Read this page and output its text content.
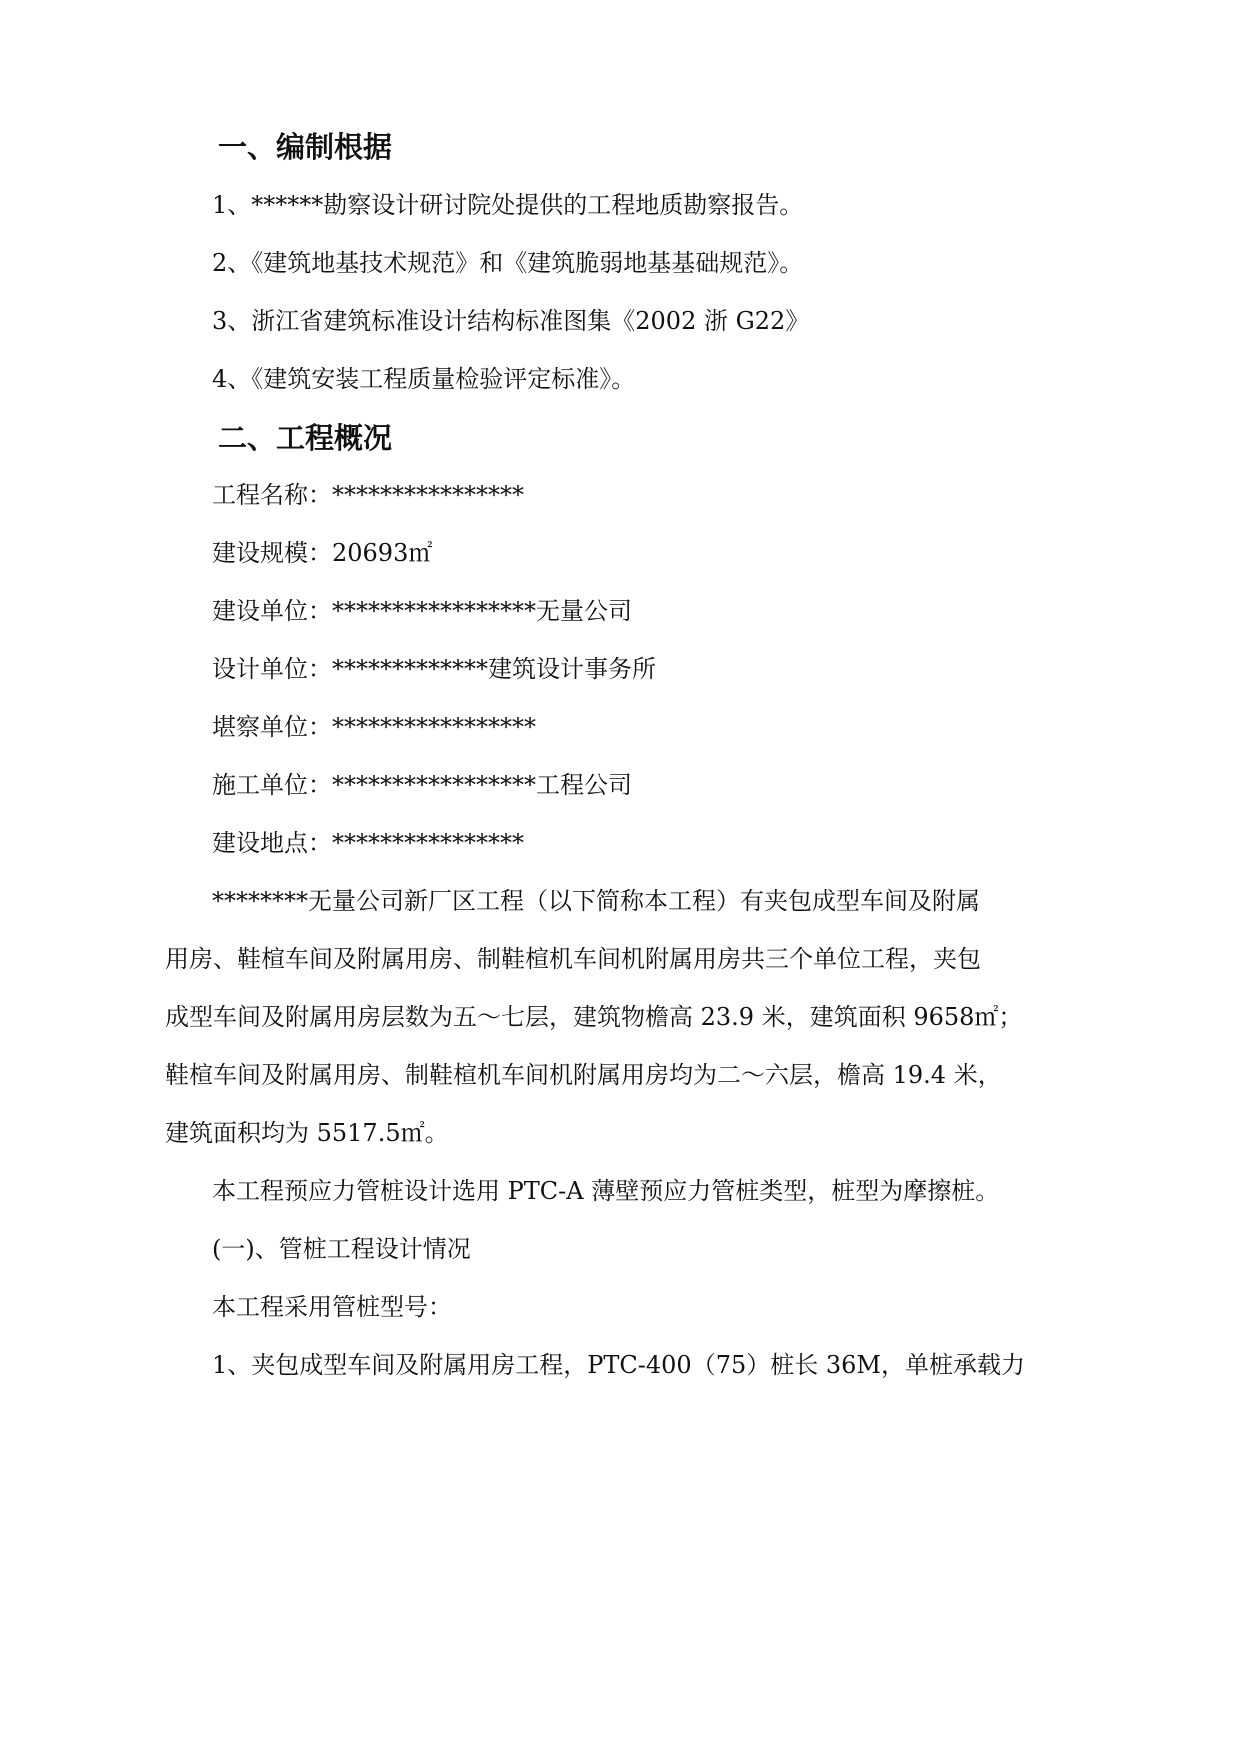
一、编制根据

1、******勘察设计研讨院处提供的工程地质勘察报告。

2、《建筑地基技术规范》和《建筑脆弱地基基础规范》。

3、浙江省建筑标准设计结构标准图集《2002 浙 G22》

4、《建筑安装工程质量检验评定标准》。

二、工程概况

工程名称：****************

建设规模：20693㎡

建设单位：*****************无量公司

设计单位：*************建筑设计事务所

堪察单位：*****************

施工单位：*****************工程公司

建设地点：****************

********无量公司新厂区工程（以下简称本工程）有夹包成型车间及附属

用房、鞋楦车间及附属用房、制鞋楦机车间机附属用房共三个单位工程，夹包

成型车间及附属用房层数为五～七层，建筑物檐高 23.9 米，建筑面积 9658㎡；

鞋楦车间及附属用房、制鞋楦机车间机附属用房均为二～六层，檐高 19.4 米，

建筑面积均为 5517.5㎡。

本工程预应力管桩设计选用 PTC-A 薄壁预应力管桩类型，桩型为摩擦桩。

(一)、管桩工程设计情况

本工程采用管桩型号：

1、夹包成型车间及附属用房工程，PTC-400（75）桩长 36M，单桩承载力
